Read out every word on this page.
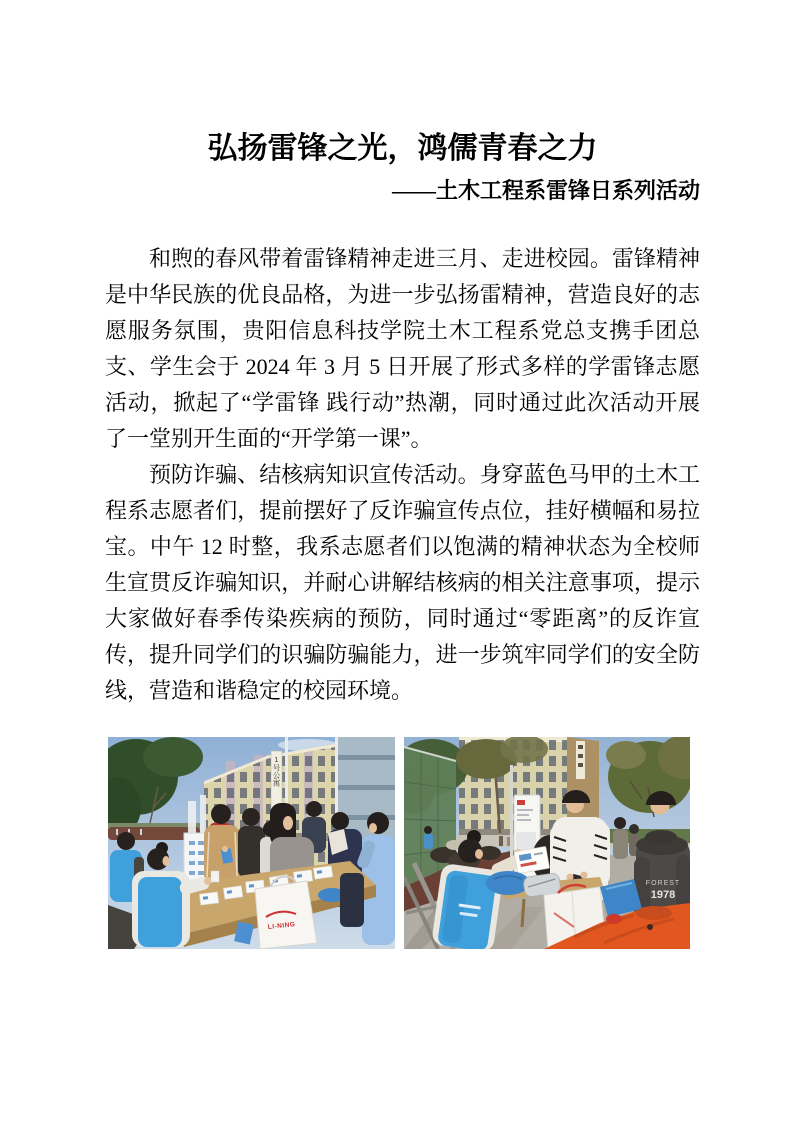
弘扬雷锋之光，鸿儒青春之力
——土木工程系雷锋日系列活动

和煦的春风带着雷锋精神走进三月、走进校园。雷锋精神是中华民族的优良品格，为进一步弘扬雷精神，营造良好的志愿服务氛围，贵阳信息科技学院土木工程系党总支携手团总支、学生会于 2024 年 3 月 5 日开展了形式多样的学雷锋志愿活动，掀起了“学雷锋 践行动”热潮，同时通过此次活动开展了一堂别开生面的“开学第一课”。

预防诈骗、结核病知识宣传活动。身穿蓝色马甲的土木工程系志愿者们，提前摆好了反诈骗宣传点位，挂好横幅和易拉宝。中午 12 时整，我系志愿者们以饱满的精神状态为全校师生宣贯反诈骗知识，并耐心讲解结核病的相关注意事项，提示大家做好春季传染疾病的预防，同时通过“零距离”的反诈宣传，提升同学们的识骗防骗能力，进一步筑牢同学们的安全防线，营造和谐稳定的校园环境。

1号公寓
LI-NING
FOREST
1978
